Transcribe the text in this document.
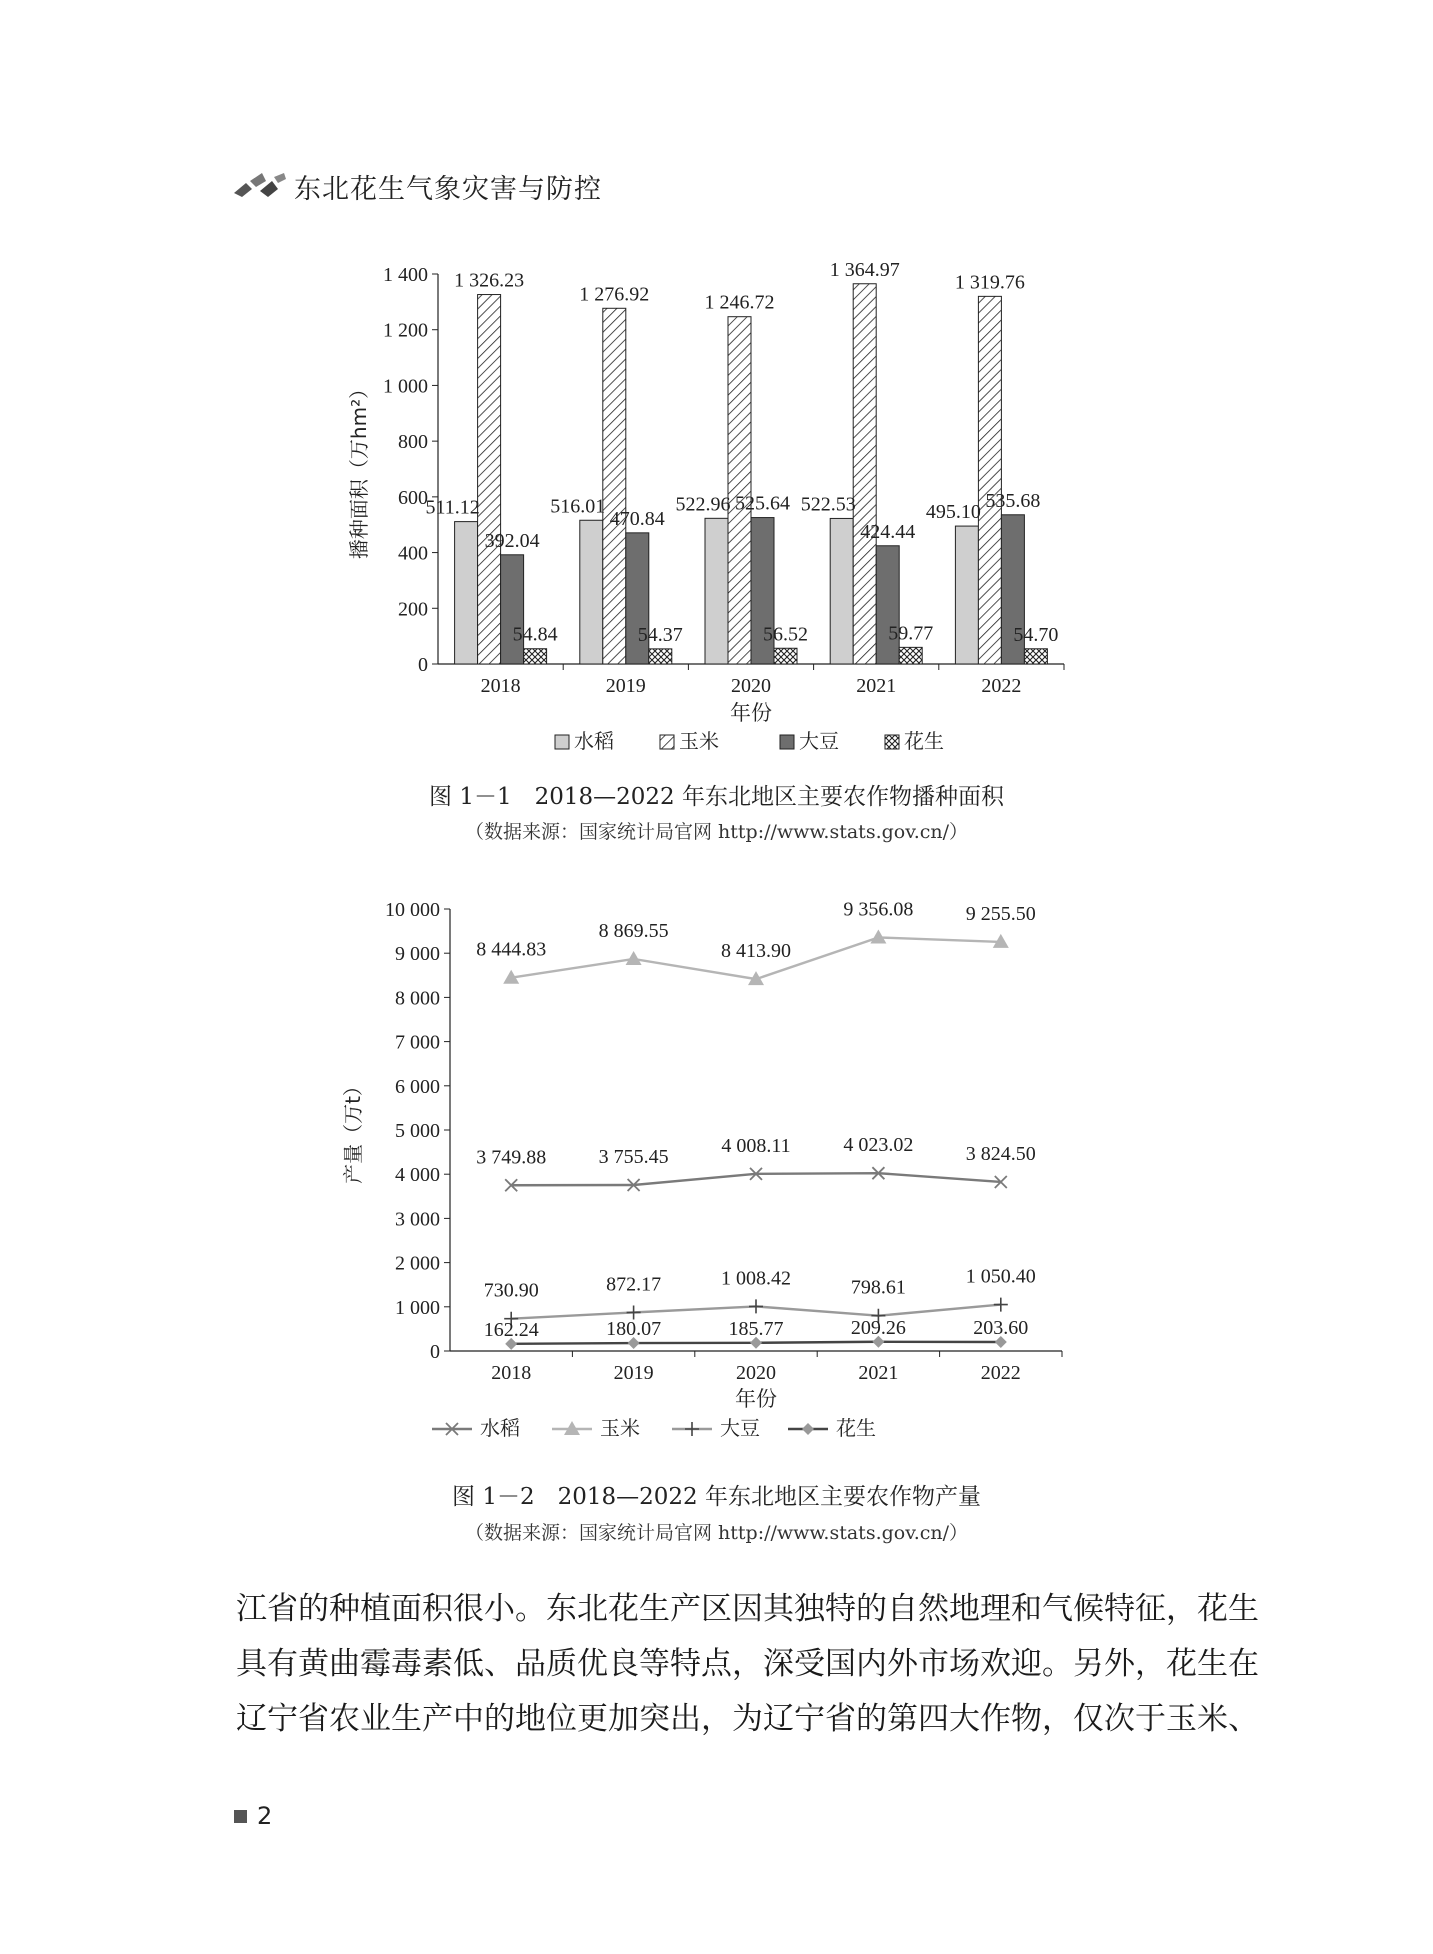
东北花生气象灾害与防控
0
200
400
600
800
1 000
1 200
1 400
播种面积（万hm²）
2018	2019	2020	2021	2022
年份
511.12
1 326.23
392.04
54.84
516.01
1 276.92
470.84
54.37
522.96
1 246.72
525.64
56.52
522.53
1 364.97
424.44
59.77
495.10
1 319.76
535.68
54.70
水稻	玉米	大豆	花生
图 1－1　2018—2022 年东北地区主要农作物播种面积
（数据来源：国家统计局官网 http://www.stats.gov.cn/）
0
1 000
2 000
3 000
4 000
5 000
6 000
7 000
8 000
9 000
10 000
产量（万t）
2018	2019	2020	2021	2022
年份
3 749.88	3 755.45
4 008.11	4 023.02	3 824.50
8 444.83
8 869.55
8 413.90
9 356.08	9 255.50
730.90	872.17	1 008.42	798.61
1 050.40
162.24	180.07	185.77	209.26	203.60
水稻	玉米	大豆	花生
图 1－2　2018—2022 年东北地区主要农作物产量
（数据来源：国家统计局官网 http://www.stats.gov.cn/）

江省的种植面积很小。东北花生产区因其独特的自然地理和气候特征，花生

具有黄曲霉毒素低、品质优良等特点，深受国内外市场欢迎。另外，花生在

辽宁省农业生产中的地位更加突出，为辽宁省的第四大作物，仅次于玉米、

2
